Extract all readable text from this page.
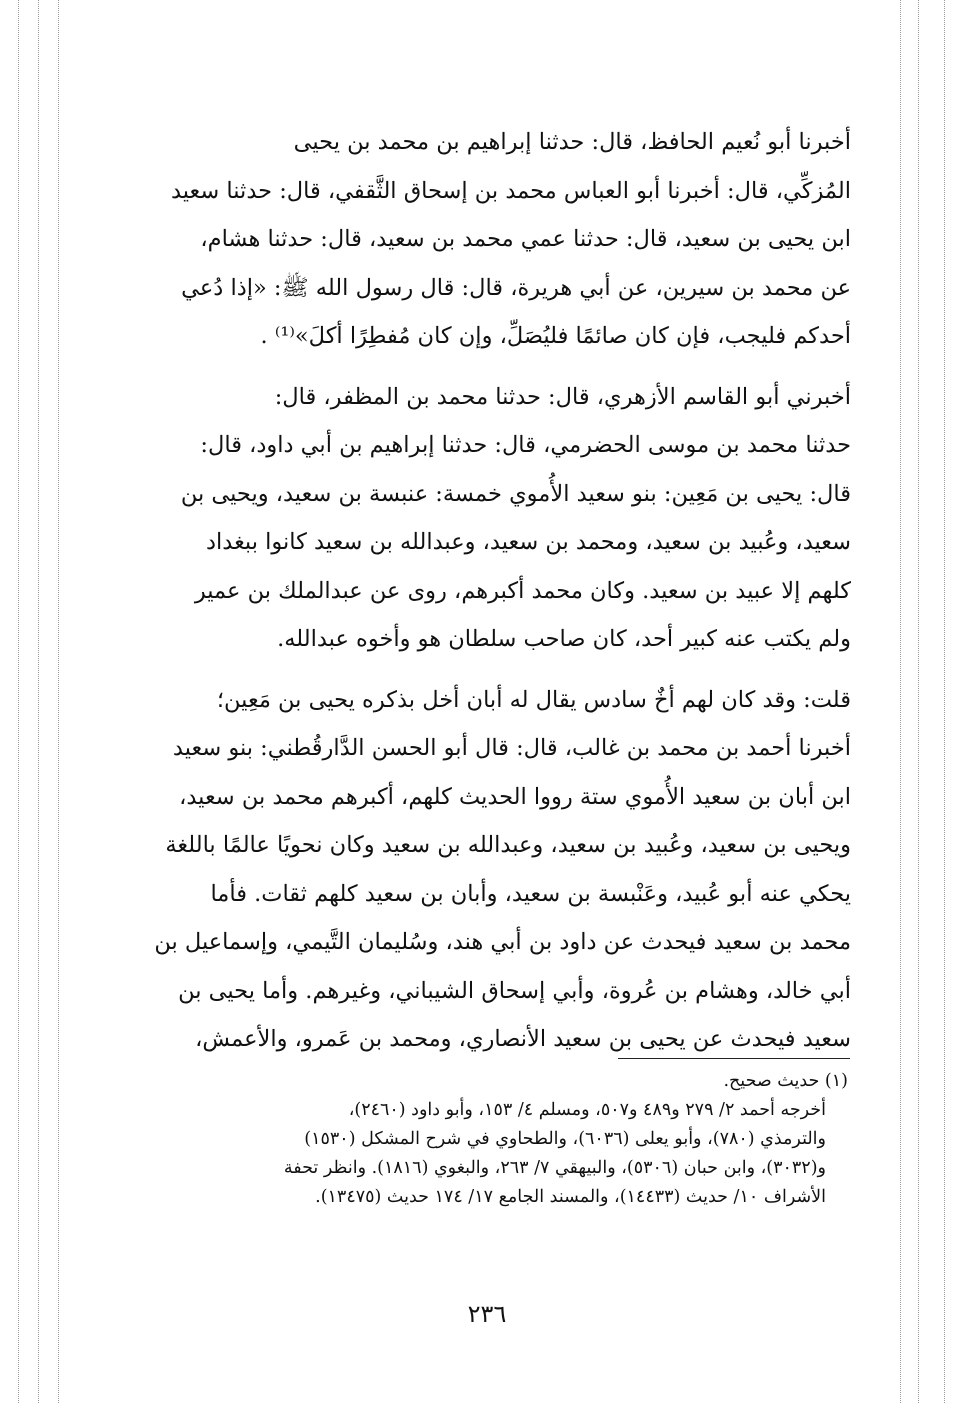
أخبرنا أبو نُعيم الحافظ، قال: حدثنا إبراهيم بن محمد بن يحيى

المُزكِّي، قال: أخبرنا أبو العباس محمد بن إسحاق الثَّقفي، قال: حدثنا سعيد

ابن يحيى بن سعيد، قال: حدثنا عمي محمد بن سعيد، قال: حدثنا هشام،

عن محمد بن سيرين، عن أبي هريرة، قال: قال رسول الله ﷺ: «إذا دُعي

أحدكم فليجب، فإن كان صائمًا فليُصَلِّ، وإن كان مُفطِرًا أكلَ»⁽¹⁾ .

أخبرني أبو القاسم الأزهري، قال: حدثنا محمد بن المظفر، قال:

حدثنا محمد بن موسى الحضرمي، قال: حدثنا إبراهيم بن أبي داود، قال:

قال: يحيى بن مَعِين: بنو سعيد الأُموي خمسة: عنبسة بن سعيد، ويحيى بن

سعيد، وعُبيد بن سعيد، ومحمد بن سعيد، وعبدالله بن سعيد كانوا ببغداد

كلهم إلا عبيد بن سعيد. وكان محمد أكبرهم، روى عن عبدالملك بن عمير

ولم يكتب عنه كبير أحد، كان صاحب سلطان هو وأخوه عبدالله.

قلت: وقد كان لهم أخٌ سادس يقال له أبان أخل بذكره يحيى بن مَعِين؛

أخبرنا أحمد بن محمد بن غالب، قال: قال أبو الحسن الدَّارقُطني: بنو سعيد

ابن أبان بن سعيد الأُموي ستة رووا الحديث كلهم، أكبرهم محمد بن سعيد،

ويحيى بن سعيد، وعُبيد بن سعيد، وعبدالله بن سعيد وكان نحويًا عالمًا باللغة

يحكي عنه أبو عُبيد، وعَنْبسة بن سعيد، وأبان بن سعيد كلهم ثقات. فأما

محمد بن سعيد فيحدث عن داود بن أبي هند، وسُليمان التَّيمي، وإسماعيل بن

أبي خالد، وهشام بن عُروة، وأبي إسحاق الشيباني، وغيرهم. وأما يحيى بن

سعيد فيحدث عن يحيى بن سعيد الأنصاري، ومحمد بن عَمرو، والأعمش،

(١) حديث صحيح.

أخرجه أحمد ٢/ ٢٧٩ و٤٨٩ و٥٠٧، ومسلم ٤/ ١٥٣، وأبو داود (٢٤٦٠)،

والترمذي (٧٨٠)، وأبو يعلى (٦٠٣٦)، والطحاوي في شرح المشكل (١٥٣٠)

و(٣٠٣٢)، وابن حبان (٥٣٠٦)، والبيهقي ٧/ ٢٦٣، والبغوي (١٨١٦). وانظر تحفة

الأشراف ١٠/ حديث (١٤٤٣٣)، والمسند الجامع ١٧/ ١٧٤ حديث (١٣٤٧٥).

٢٣٦
